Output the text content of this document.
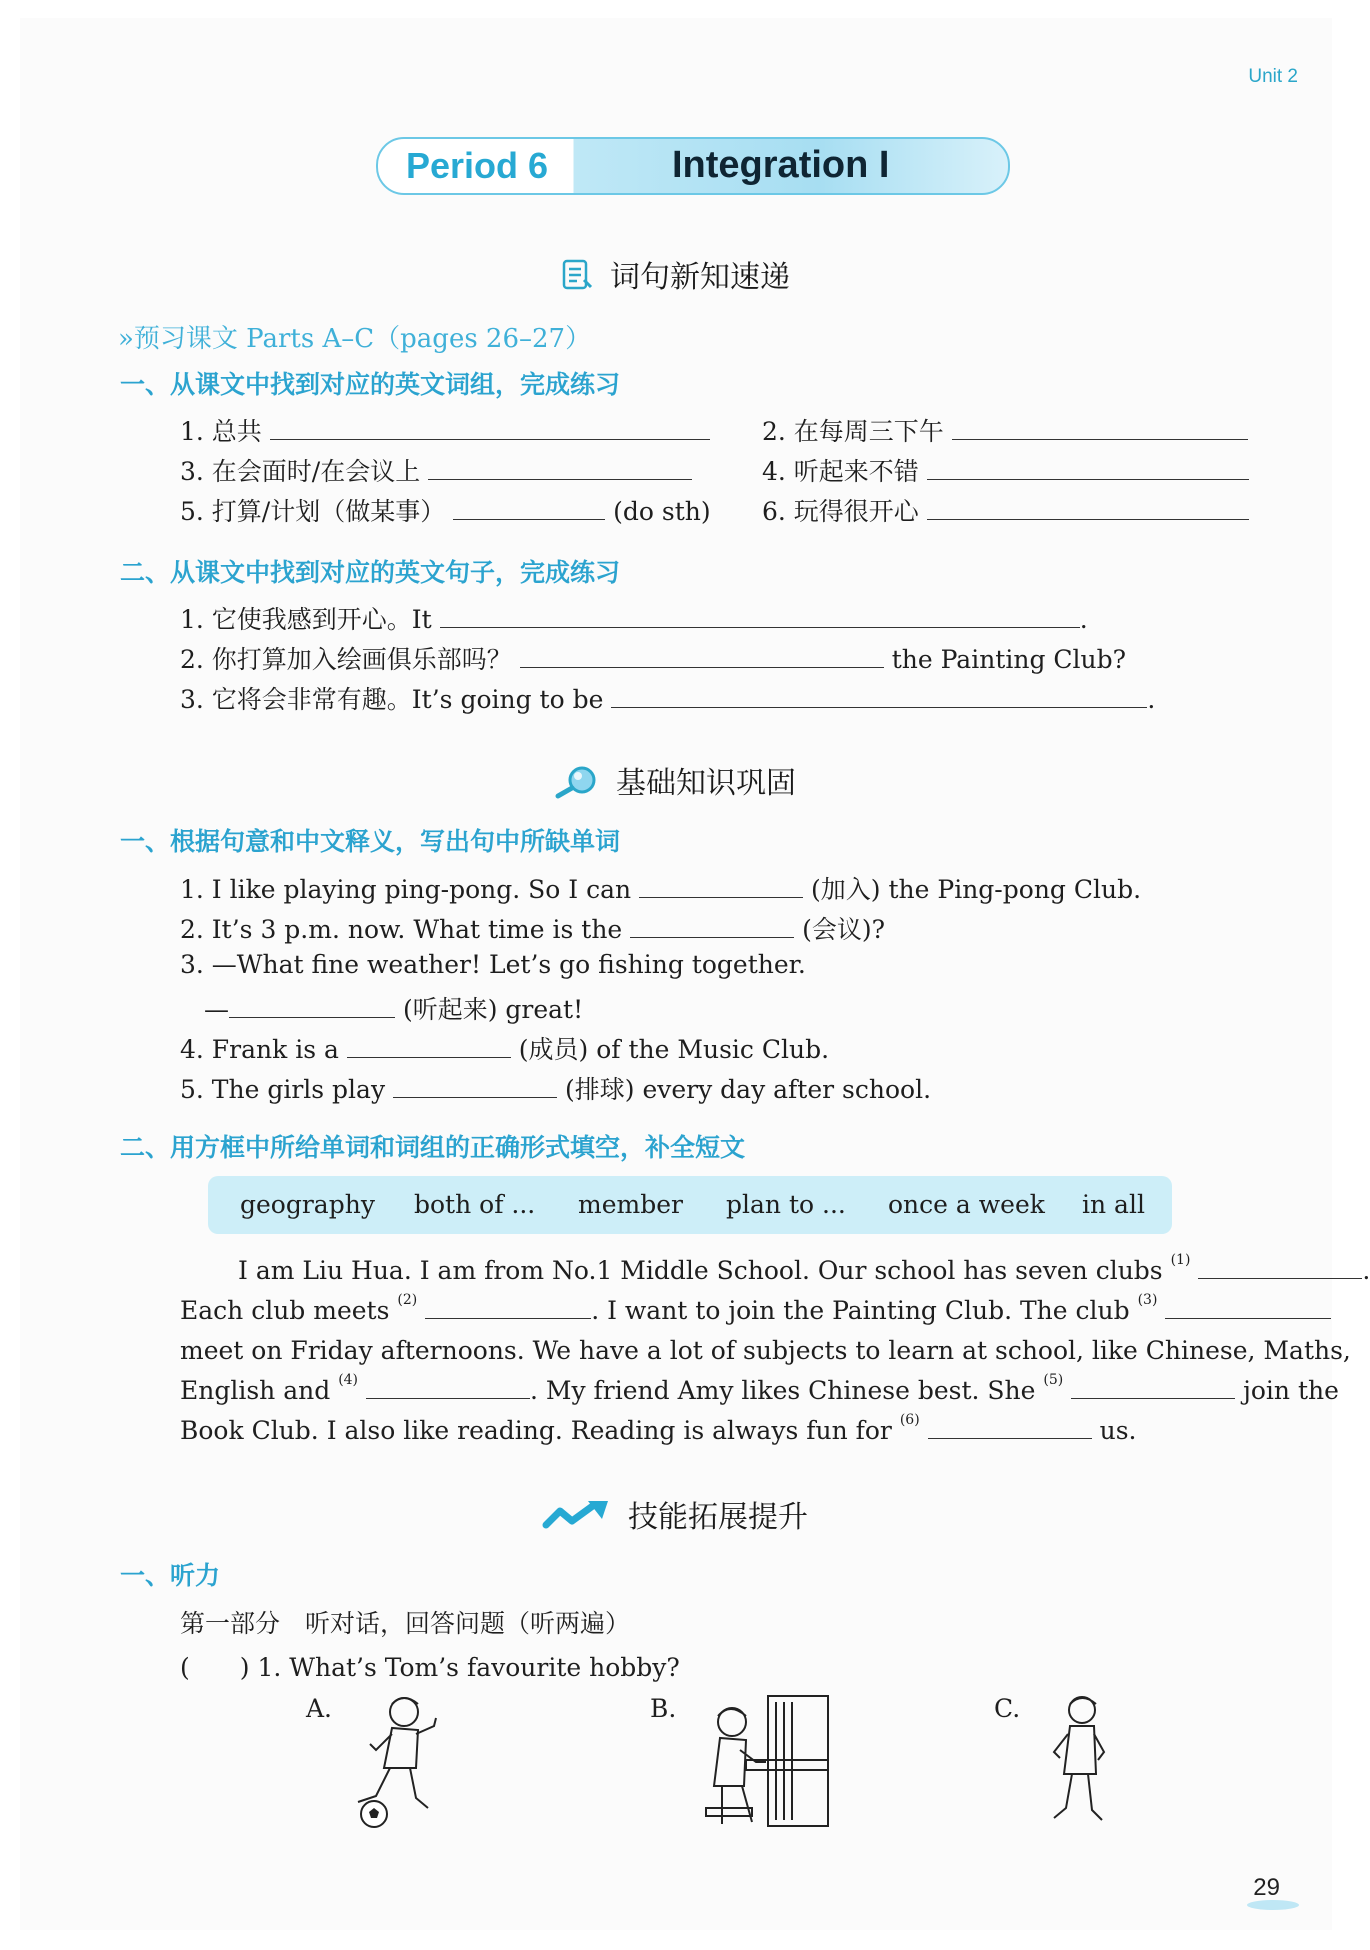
Unit 2
Period 6	Integration I
词句新知速递
»预习课文 Parts A–C（pages 26–27）
一、从课文中找到对应的英文词组，完成练习
1. 总共	2. 在每周三下午
3. 在会面时/在会议上	4. 听起来不错
5. 打算/计划（做某事）	(do sth) 6. 玩得很开心
二、从课文中找到对应的英文句子，完成练习
1. 它使我感到开心。It	.
2. 你打算加入绘画俱乐部吗？	the Painting Club?
3. 它将会非常有趣。It’s going to be	.
基础知识巩固
一、根据句意和中文释义，写出句中所缺单词
1. I like playing ping-pong. So I can	(加入) the Ping-pong Club.
2. It’s 3 p.m. now. What time is the	(会议)?
3. —What fine weather! Let’s go fishing together.
—	(听起来) great!
4. Frank is a	(成员) of the Music Club.
5. The girls play	(排球) every day after school.
二、用方框中所给单词和词组的正确形式填空，补全短文
geography both of ... member plan to ... once a week in all
I am Liu Hua. I am from No.1 Middle School. Our school has seven clubs $^{(1)}$	.
Each club meets $^{(2)}$	. I want to join the Painting Club. The club $^{(3)}$
meet on Friday afternoons. We have a lot of subjects to learn at school, like Chinese, Maths,
English and $^{(4)}$	. My friend Amy likes Chinese best. She $^{(5)}$	join the
Book Club. I also like reading. Reading is always fun for $^{(6)}$	us.
技能拓展提升
一、听力
第一部分　听对话，回答问题（听两遍）
(　　) 1. What’s Tom’s favourite hobby?
A.	B.	C.
29
